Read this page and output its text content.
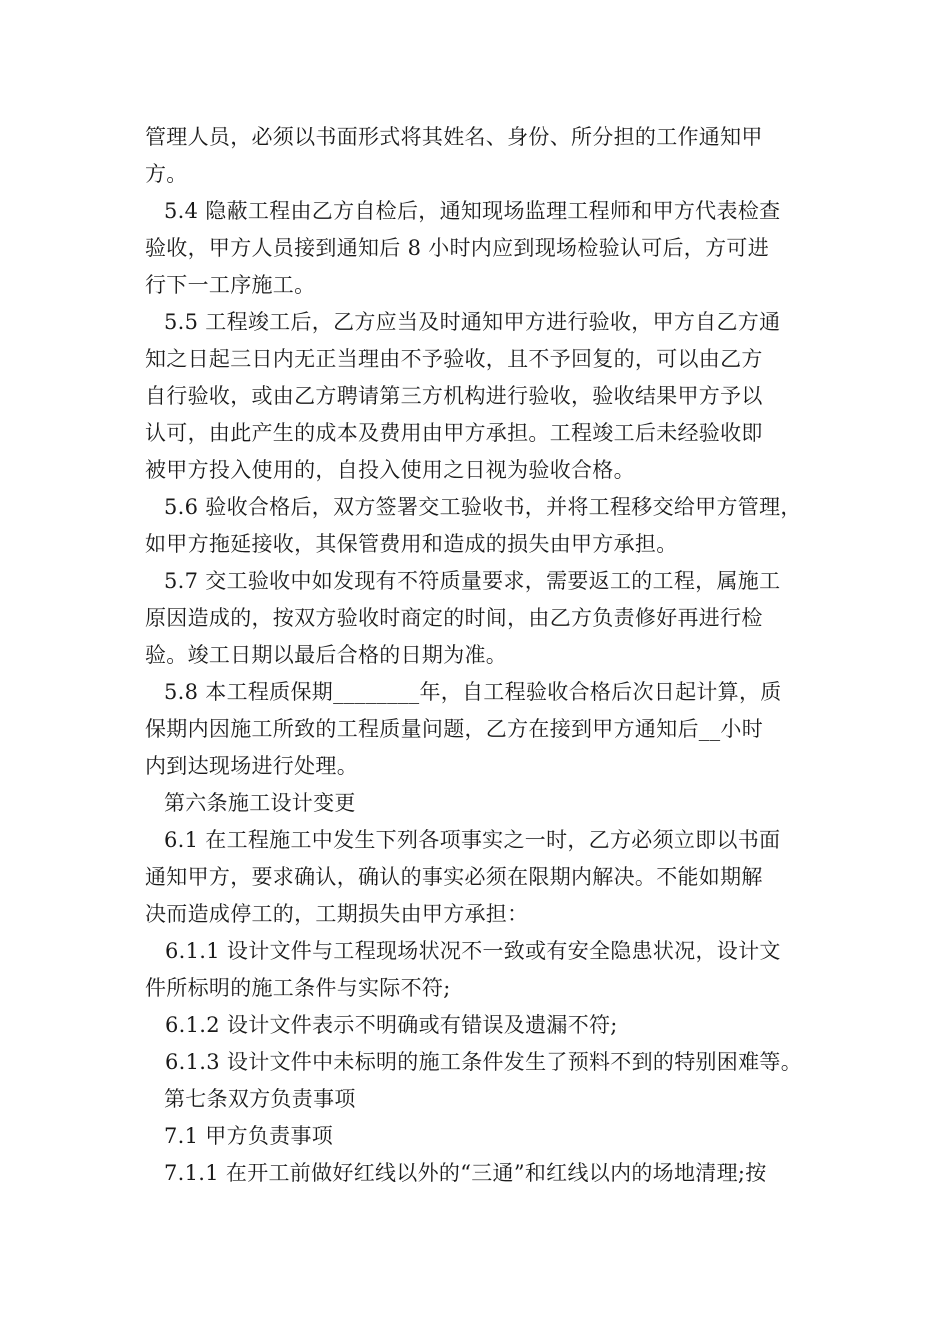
管理人员，必须以书面形式将其姓名、身份、所分担的工作通知甲
方。
5.4 隐蔽工程由乙方自检后，通知现场监理工程师和甲方代表检查
验收，甲方人员接到通知后 8 小时内应到现场检验认可后，方可进
行下一工序施工。
5.5 工程竣工后，乙方应当及时通知甲方进行验收，甲方自乙方通
知之日起三日内无正当理由不予验收，且不予回复的，可以由乙方
自行验收，或由乙方聘请第三方机构进行验收，验收结果甲方予以
认可，由此产生的成本及费用由甲方承担。工程竣工后未经验收即
被甲方投入使用的，自投入使用之日视为验收合格。
5.6 验收合格后，双方签署交工验收书，并将工程移交给甲方管理，
如甲方拖延接收，其保管费用和造成的损失由甲方承担。
5.7 交工验收中如发现有不符质量要求，需要返工的工程，属施工
原因造成的，按双方验收时商定的时间，由乙方负责修好再进行检
验。竣工日期以最后合格的日期为准。
5.8 本工程质保期________年，自工程验收合格后次日起计算，质
保期内因施工所致的工程质量问题，乙方在接到甲方通知后__小时
内到达现场进行处理。
第六条施工设计变更
6.1 在工程施工中发生下列各项事实之一时，乙方必须立即以书面
通知甲方，要求确认，确认的事实必须在限期内解决。不能如期解
决而造成停工的，工期损失由甲方承担：
6.1.1 设计文件与工程现场状况不一致或有安全隐患状况，设计文
件所标明的施工条件与实际不符;
6.1.2 设计文件表示不明确或有错误及遗漏不符;
6.1.3 设计文件中未标明的施工条件发生了预料不到的特别困难等。
第七条双方负责事项
7.1 甲方负责事项
7.1.1 在开工前做好红线以外的“三通”和红线以内的场地清理;按
